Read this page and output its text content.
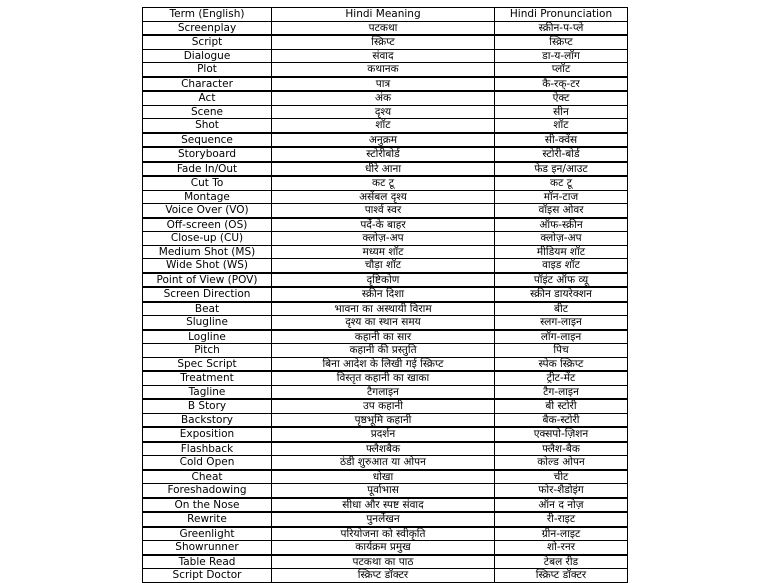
Term (English)	Hindi Meaning	Hindi Pronunciation
Screenplay	पटकथा	स्क्रीन-प-प्ले
Script	स्क्रिप्ट	स्क्रिप्ट
Dialogue	संवाद	डा-य-लॉग
Plot	कथानक	प्लॉट
Character	पात्र	कै-रक्-टर
Act	अंक	ऐक्ट
Scene	दृश्य	सीन
Shot	शॉट	शॉट
Sequence	अनुक्रम	सी-क्वेंस
Storyboard	स्टोरीबोर्ड	स्टोरी-बोर्ड
Fade In/Out	धीरे आना	फेड इन/आउट
Cut To	कट टू	कट टू
Montage	असेंबल दृश्य	मॉन-टाज
Voice Over (VO)	पार्श्व स्वर	वॉइस ओवर
Off-screen (OS)	पर्दे-के बाहर	ऑफ-स्क्रीन
Close-up (CU)	क्लोज़-अप	क्लोज़-अप
Medium Shot (MS)	मध्यम शॉट	मीडियम शॉट
Wide Shot (WS)	चौड़ा शॉट	वाइड शॉट
Point of View (POV)	दृष्टिकोण	पॉइंट ऑफ व्यू
Screen Direction	स्क्रीन दिशा	स्क्रीन डायरेक्शन
Beat	भावना का अस्थायी विराम	बीट
Slugline	दृश्य का स्थान समय	स्लग-लाइन
Logline	कहानी का सार	लॉग-लाइन
Pitch	कहानी की प्रस्तुति	पिच
Spec Script	बिना आदेश के लिखी गई स्क्रिप्ट	स्पेक स्क्रिप्ट
Treatment	विस्तृत कहानी का खाका	ट्रीट-मेंट
Tagline	टैगलाइन	टैग-लाइन
B Story	उप कहानी	बी स्टोरी
Backstory	पृष्ठभूमि कहानी	बैक-स्टोरी
Exposition	प्रदर्शन	एक्सपो-ज़िशन
Flashback	फ्लैशबैक	फ्लैश-बैक
Cold Open	ठंडी शुरुआत या ओपन	कोल्ड ओपन
Cheat	धोखा	चीट
Foreshadowing	पूर्वाभास	फोर-शैडोइंग
On the Nose	सीधा और स्पष्ट संवाद	ऑन द नोज़
Rewrite	पुनर्लेखन	री-राइट
Greenlight	परियोजना को स्वीकृति	ग्रीन-लाइट
Showrunner	कार्यक्रम प्रमुख	शो-रनर
Table Read	पटकथा का पाठ	टेबल रीड
Script Doctor	स्क्रिप्ट डॉक्टर	स्क्रिप्ट डॉक्टर
